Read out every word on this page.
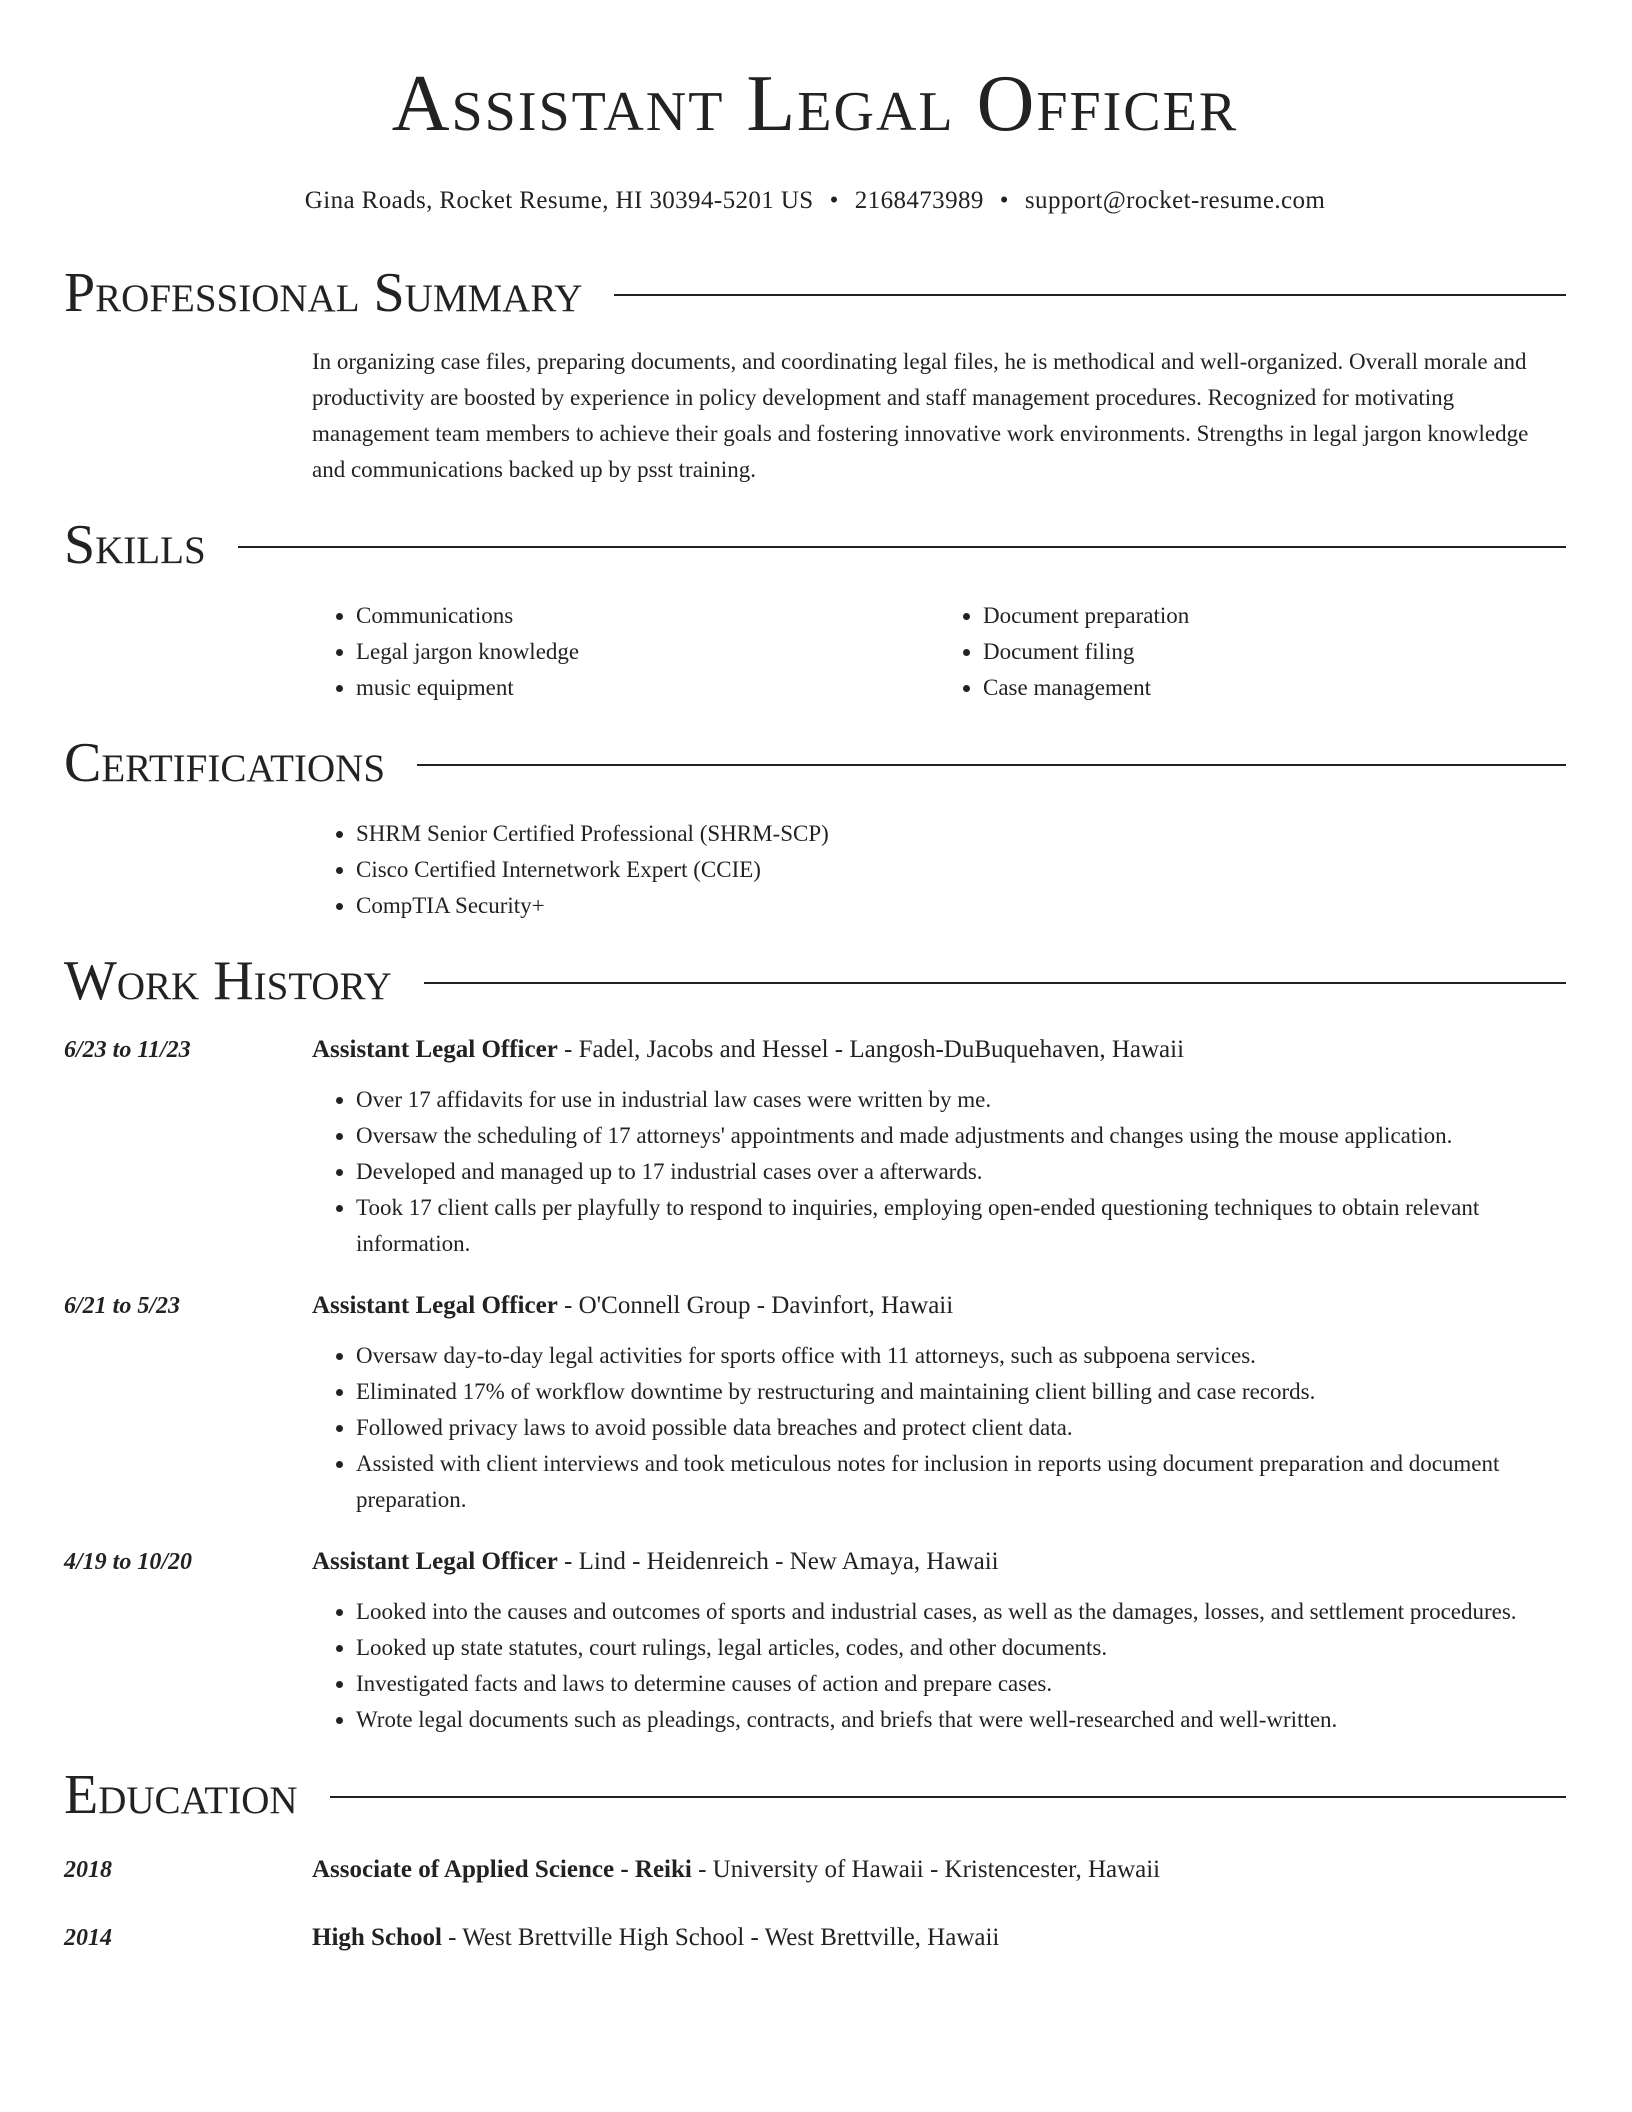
Assistant Legal Officer
Gina Roads, Rocket Resume, HI 30394-5201 US • 2168473989 • support@rocket-resume.com
Professional Summary

In organizing case files, preparing documents, and coordinating legal files, he is methodical and well-organized. Overall morale and productivity are boosted by experience in policy development and staff management procedures. Recognized for motivating management team members to achieve their goals and fostering innovative work environments. Strengths in legal jargon knowledge and communications backed up by psst training.

Skills
• Communications
• Legal jargon knowledge
• music equipment
• Document preparation
• Document filing
• Case management
Certifications
• SHRM Senior Certified Professional (SHRM-SCP)
• Cisco Certified Internetwork Expert (CCIE)
• CompTIA Security+
Work History
6/23 to 11/23	Assistant Legal Officer - Fadel, Jacobs and Hessel - Langosh-DuBuquehaven, Hawaii
• Over 17 affidavits for use in industrial law cases were written by me.
• Oversaw the scheduling of 17 attorneys' appointments and made adjustments and changes using the mouse application.
• Developed and managed up to 17 industrial cases over a afterwards.
• Took 17 client calls per playfully to respond to inquiries, employing open-ended questioning techniques to obtain relevant information.
6/21 to 5/23	Assistant Legal Officer - O'Connell Group - Davinfort, Hawaii
• Oversaw day-to-day legal activities for sports office with 11 attorneys, such as subpoena services.
• Eliminated 17% of workflow downtime by restructuring and maintaining client billing and case records.
• Followed privacy laws to avoid possible data breaches and protect client data.
• Assisted with client interviews and took meticulous notes for inclusion in reports using document preparation and document preparation.
4/19 to 10/20	Assistant Legal Officer - Lind - Heidenreich - New Amaya, Hawaii
• Looked into the causes and outcomes of sports and industrial cases, as well as the damages, losses, and settlement procedures.
• Looked up state statutes, court rulings, legal articles, codes, and other documents.
• Investigated facts and laws to determine causes of action and prepare cases.
• Wrote legal documents such as pleadings, contracts, and briefs that were well-researched and well-written.
Education
2018	Associate of Applied Science - Reiki - University of Hawaii - Kristencester, Hawaii
2014	High School - West Brettville High School - West Brettville, Hawaii
